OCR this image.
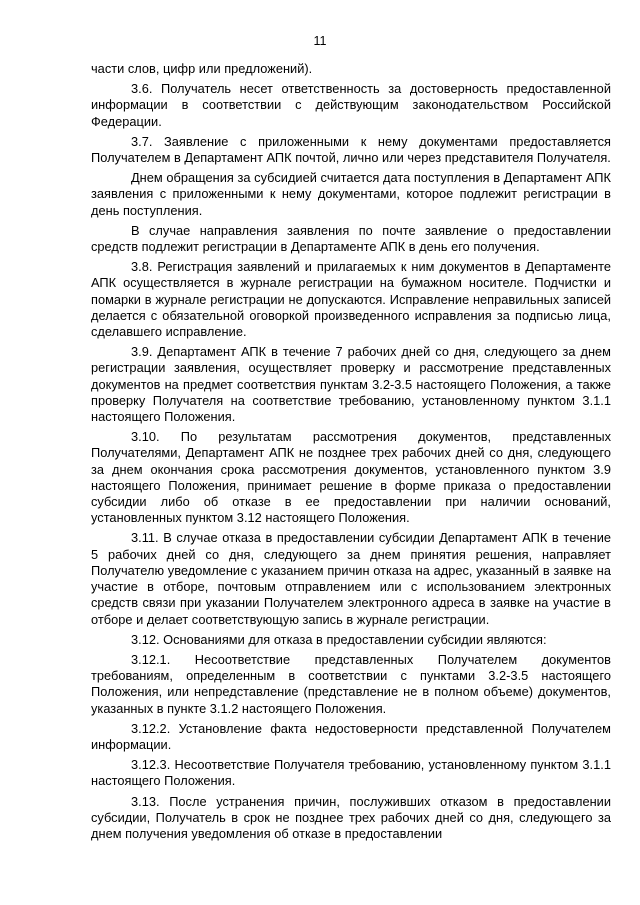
11

части слов, цифр или предложений).

3.6. Получатель несет ответственность за достоверность предоставленной информации в соответствии с действующим законодательством Российской Федерации.

3.7. Заявление с приложенными к нему документами предоставляется Получателем в Департамент АПК почтой, лично или через представителя Получателя.

Днем обращения за субсидией считается дата поступления в Департамент АПК заявления с приложенными к нему документами, которое подлежит регистрации в день поступления.

В случае направления заявления по почте заявление о предоставлении средств подлежит регистрации в Департаменте АПК в день его получения.

3.8. Регистрация заявлений и прилагаемых к ним документов в Департаменте АПК осуществляется в журнале регистрации на бумажном носителе. Подчистки и помарки в журнале регистрации не допускаются. Исправление неправильных записей делается с обязательной оговоркой произведенного исправления за подписью лица, сделавшего исправление.

3.9. Департамент АПК в течение 7 рабочих дней со дня, следующего за днем регистрации заявления, осуществляет проверку и рассмотрение представленных документов на предмет соответствия пунктам 3.2-3.5 настоящего Положения, а также проверку Получателя на соответствие требованию, установленному пунктом 3.1.1 настоящего Положения.

3.10. По результатам рассмотрения документов, представленных Получателями, Департамент АПК не позднее трех рабочих дней со дня, следующего за днем окончания срока рассмотрения документов, установленного пунктом 3.9 настоящего Положения, принимает решение в форме приказа о предоставлении субсидии либо об отказе в ее предоставлении при наличии оснований, установленных пунктом 3.12 настоящего Положения.

3.11. В случае отказа в предоставлении субсидии Департамент АПК в течение 5 рабочих дней со дня, следующего за днем принятия решения, направляет Получателю уведомление с указанием причин отказа на адрес, указанный в заявке на участие в отборе, почтовым отправлением или с использованием электронных средств связи при указании Получателем электронного адреса в заявке на участие в отборе и делает соответствующую запись в журнале регистрации.

3.12. Основаниями для отказа в предоставлении субсидии являются:

3.12.1. Несоответствие представленных Получателем документов требованиям, определенным в соответствии с пунктами 3.2-3.5 настоящего Положения, или непредставление (представление не в полном объеме) документов, указанных в пункте 3.1.2 настоящего Положения.

3.12.2. Установление факта недостоверности представленной Получателем информации.

3.12.3. Несоответствие Получателя требованию, установленному пунктом 3.1.1 настоящего Положения.

3.13. После устранения причин, послуживших отказом в предоставлении субсидии, Получатель в срок не позднее трех рабочих дней со дня, следующего за днем получения уведомления об отказе в предоставлении
